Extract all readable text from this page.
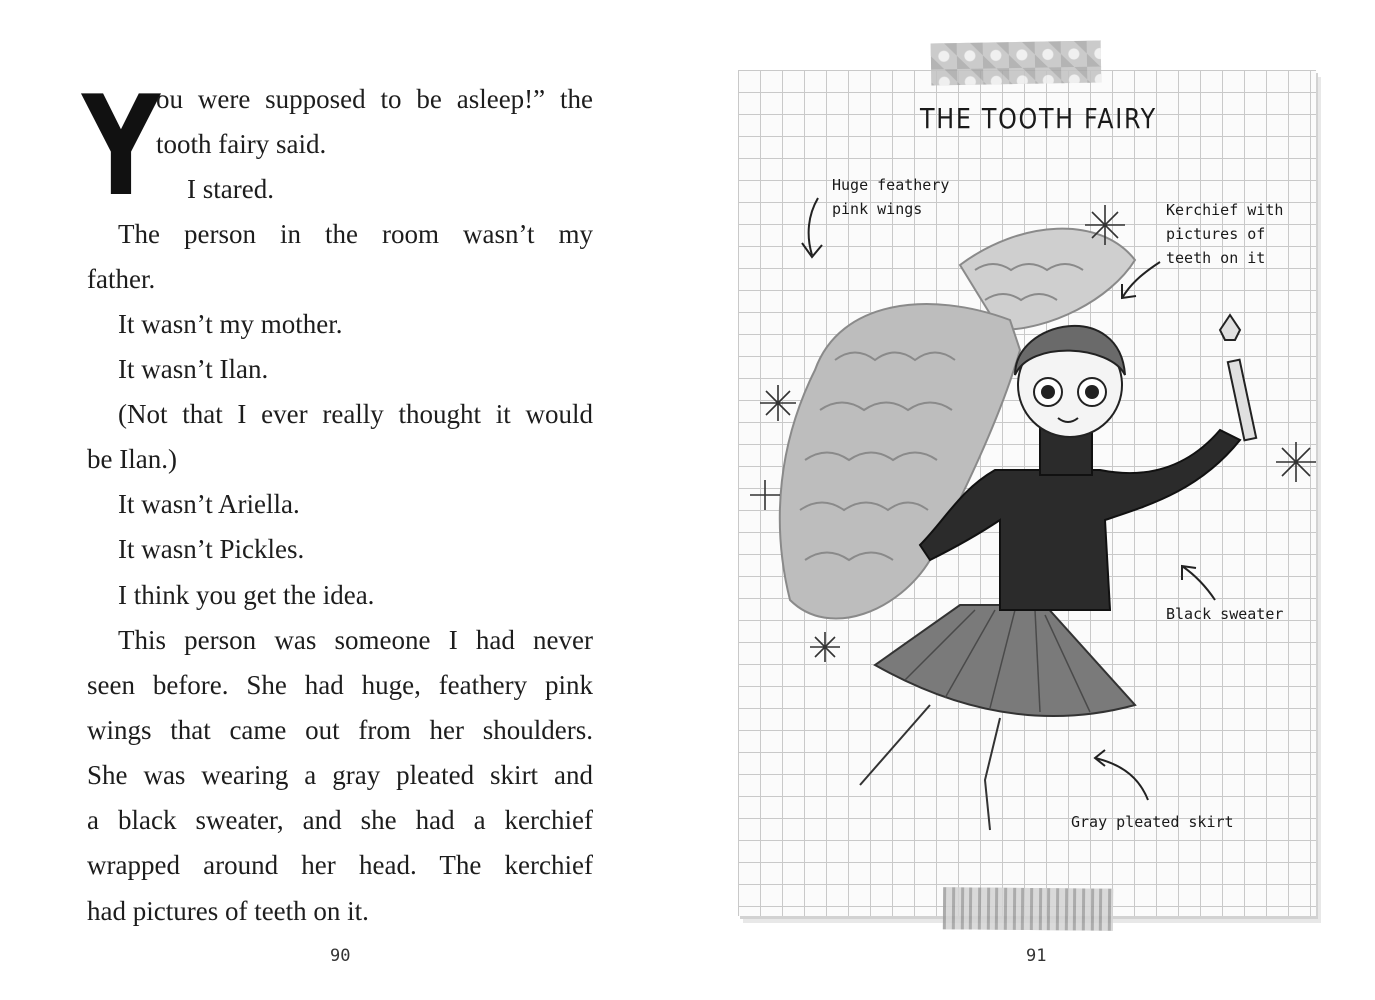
Y
ou were supposed to be asleep!” the
tooth fairy said.
I stared.
The person in the room wasn’t my
father.
It wasn’t my mother.
It wasn’t Ilan.
(Not that I ever really thought it would
be Ilan.)
It wasn’t Ariella.
It wasn’t Pickles.
I think you get the idea.
This person was someone I had never
seen before. She had huge, feathery pink
wings that came out from her shoulders.
She was wearing a gray pleated skirt and
a black sweater, and she had a kerchief
wrapped around her head. The kerchief
had pictures of teeth on it.
90
THE TOOTH FAIRY
Huge feathery
pink wings	Kerchief with
pictures of
teeth on it
Black sweater
Gray pleated skirt
91
